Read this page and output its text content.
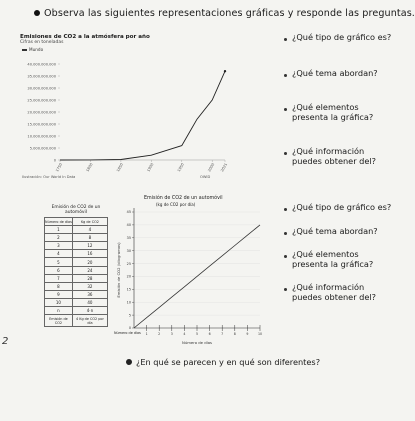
Observa las siguientes representaciones gráficas y responde las preguntas.
Emisiones de CO2 a la atmósfera por año
Cifras en toneladas
Mundo
0
5.000.000.000
10.000.000.000
15.000.000.000
20.000.000.000
25.000.000.000
30.000.000.000
35.000.000.000
40.000.000.000
1750	1800	1850	1900	1950	2000 2021
Ilustración: Our World In Data	OWID
¿Qué tipo de gráfico es?
¿Qué tema abordan?
¿Qué elementos
presenta la gráfica?
¿Qué información
puedes obtener del?
Emisión de CO2 de un automóvil
Número de días	Kg de CO2
1	4
2	8
3	12
4	16
5	20
6	24
7	28
8	32
9	36
10	40
n	4·n
Emisión de CO2	4 Kg de CO2 por día
Número de días
Emisión de CO2 de un automóvil
(kg de CO2 por día)
0
5
10
15
20
25
30
35
40
45
1	2	3	4	5	6	7	8	9	10
Emisión de CO2 (kilogramos)
Número de días
¿Qué tipo de gráfico es?
¿Qué tema abordan?
¿Qué elementos
presenta la gráfica?
¿Qué información
puedes obtener del?
2
¿En qué se parecen y en qué son diferentes?
